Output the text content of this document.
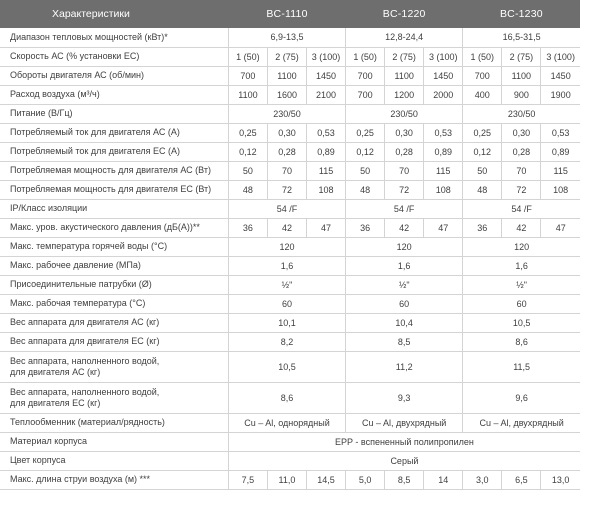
Характеристики	BC-1110			BC-1220			BC-1230		
Диапазон тепловых мощностей (кВт)*	6,9-13,5			12,8-24,4			16,5-31,5		
Скорость АС (% установки ЕС)	1 (50)	2 (75)	3 (100)	1 (50)	2 (75)	3 (100)	1 (50)	2 (75)	3 (100)
Обороты двигателя АС (об/мин)	700	1100	1450	700	1100	1450	700	1100	1450
Расход воздуха (м³/ч)	1100	1600	2100	700	1200	2000	400	900	1900
Питание (В/Гц)	230/50			230/50			230/50		
Потребляемый ток для двигателя АС (А)	0,25	0,30	0,53	0,25	0,30	0,53	0,25	0,30	0,53
Потребляемый ток для двигателя ЕС (А)	0,12	0,28	0,89	0,12	0,28	0,89	0,12	0,28	0,89
Потребляемая мощность для двигателя АС (Вт)	50	70	115	50	70	115	50	70	115
Потребляемая мощность для двигателя ЕС (Вт)	48	72	108	48	72	108	48	72	108
IP/Класс изоляции	54 /F			54 /F			54 /F		
Макс. уров. акустического давления (дБ(А))**	36	42	47	36	42	47	36	42	47
Макс. температура горячей воды (°С)	120			120			120		
Макс. рабочее давление (МПа)	1,6			1,6			1,6		
Присоединительные патрубки (Ø)	½"			½"			½"		
Макс. рабочая температура (°С)	60			60			60		
Вес аппарата для двигателя АС (кг)	10,1			10,4			10,5		
Вес аппарата для двигателя ЕС (кг)	8,2			8,5			8,6		
Вес аппарата, наполненного водой,
для двигателя АС (кг)	10,5			11,2			11,5		
Вес аппарата, наполненного водой,
для двигателя ЕС (кг)	8,6			9,3			9,6		
Теплообменник (материал/рядность)	Cu – Al, однорядный			Cu – Al, двухрядный			Cu – Al, двухрядный		
Материал корпуса	EPP - вспененный полипропилен								
Цвет корпуса	Серый								
Макс. длина струи воздуха (м) ***	7,5	11,0	14,5	5,0	8,5	14	3,0	6,5	13,0
